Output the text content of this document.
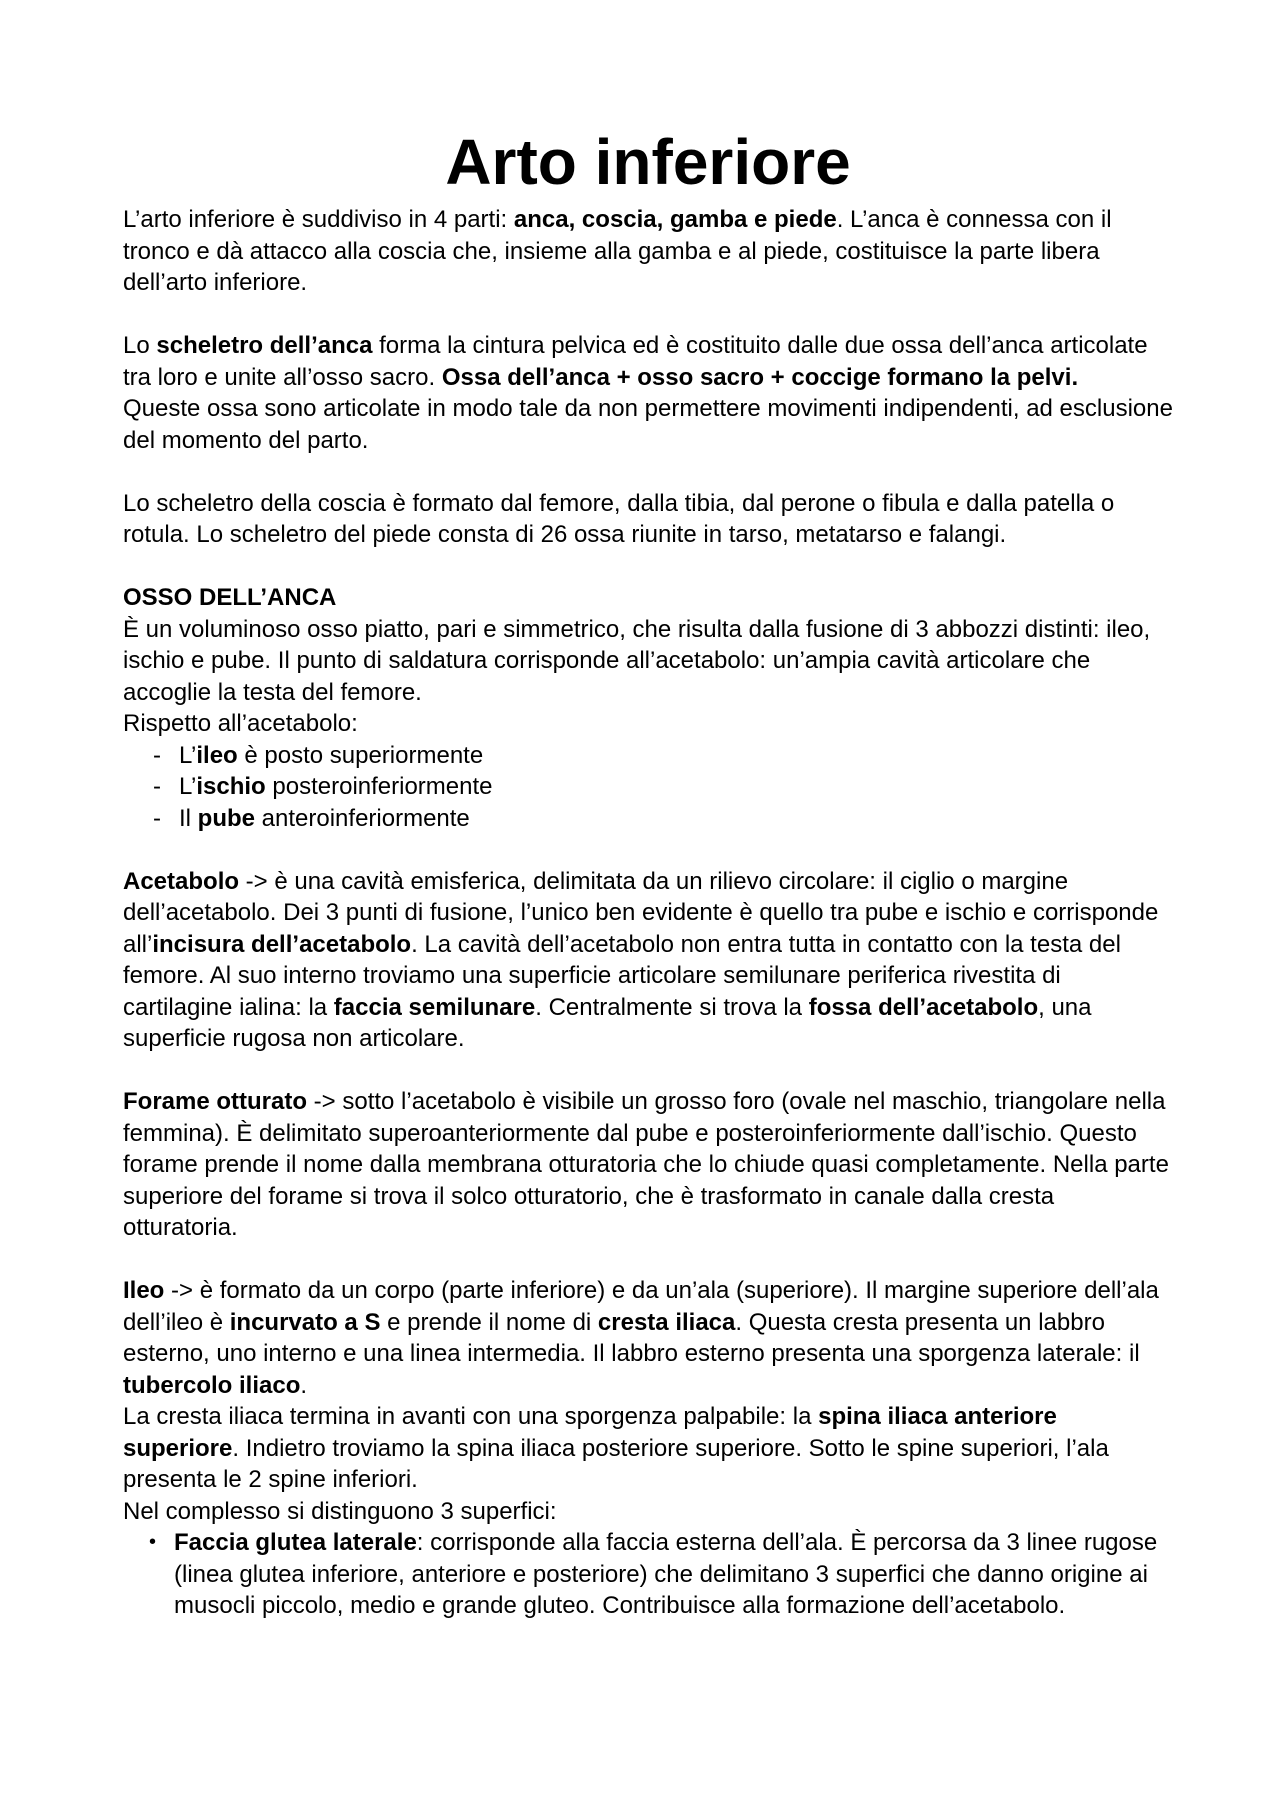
Arto inferiore

L’arto inferiore è suddiviso in 4 parti: anca, coscia, gamba e piede. L’anca è connessa con il tronco e dà attacco alla coscia che, insieme alla gamba e al piede, costituisce la parte libera dell’arto inferiore.

Lo scheletro dell’anca forma la cintura pelvica ed è costituito dalle due ossa dell’anca articolate tra loro e unite all’osso sacro. Ossa dell’anca + osso sacro + coccige formano la pelvi.

Queste ossa sono articolate in modo tale da non permettere movimenti indipendenti, ad esclusione del momento del parto.

Lo scheletro della coscia è formato dal femore, dalla tibia, dal perone o fibula e dalla patella o rotula. Lo scheletro del piede consta di 26 ossa riunite in tarso, metatarso e falangi.

OSSO DELL’ANCA

È un voluminoso osso piatto, pari e simmetrico, che risulta dalla fusione di 3 abbozzi distinti: ileo, ischio e pube. Il punto di saldatura corrisponde all’acetabolo: un’ampia cavità articolare che accoglie la testa del femore.

Rispetto all’acetabolo:

- L’ileo è posto superiormente
- L’ischio posteroinferiormente
- Il pube anteroinferiormente

Acetabolo -> è una cavità emisferica, delimitata da un rilievo circolare: il ciglio o margine dell’acetabolo. Dei 3 punti di fusione, l’unico ben evidente è quello tra pube e ischio e corrisponde all’incisura dell’acetabolo. La cavità dell’acetabolo non entra tutta in contatto con la testa del femore. Al suo interno troviamo una superficie articolare semilunare periferica rivestita di cartilagine ialina: la faccia semilunare. Centralmente si trova la fossa dell’acetabolo, una superficie rugosa non articolare.

Forame otturato -> sotto l’acetabolo è visibile un grosso foro (ovale nel maschio, triangolare nella femmina). È delimitato superoanteriormente dal pube e posteroinferiormente dall’ischio. Questo forame prende il nome dalla membrana otturatoria che lo chiude quasi completamente. Nella parte superiore del forame si trova il solco otturatorio, che è trasformato in canale dalla cresta otturatoria.

Ileo -> è formato da un corpo (parte inferiore) e da un’ala (superiore). Il margine superiore dell’ala dell’ileo è incurvato a S e prende il nome di cresta iliaca. Questa cresta presenta un labbro esterno, uno interno e una linea intermedia. Il labbro esterno presenta una sporgenza laterale: il tubercolo iliaco.

La cresta iliaca termina in avanti con una sporgenza palpabile: la spina iliaca anteriore superiore. Indietro troviamo la spina iliaca posteriore superiore. Sotto le spine superiori, l’ala presenta le 2 spine inferiori.

Nel complesso si distinguono 3 superfici:

• Faccia glutea laterale: corrisponde alla faccia esterna dell’ala. È percorsa da 3 linee rugose (linea glutea inferiore, anteriore e posteriore) che delimitano 3 superfici che danno origine ai musocli piccolo, medio e grande gluteo. Contribuisce alla formazione dell’acetabolo.
